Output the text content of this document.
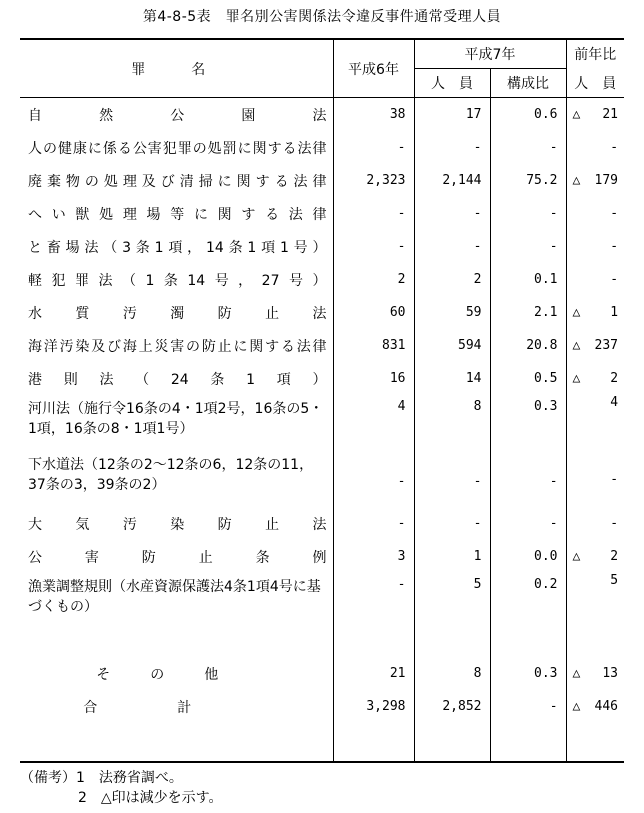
第4-8-5表　罪名別公害関係法令違反事件通常受理人員
罪名	平成6年	平成7年		前年比
		人　員	構成比	人　員
自然公園法	38	17	0.6	△ 21

人の健康に係る公害犯罪の処罰に関する法律	-	-	-	-

廃棄物の処理及び清掃に関する法律	2,323	2,144	75.2	△ 179

へい獣処理場等に関する法律	-	-	-	-

と畜場法（3条1項，14条1項1号）	-	-	-	-

軽犯罪法（1条14号，27号）	2	2	0.1	-

水質汚濁防止法	60	59	2.1	△ 1

海洋汚染及び海上災害の防止に関する法律	831	594	20.8	△ 237

港則法（24条1項）	16	14	0.5	△ 2

河川法（施行令16条の4・1項2号，16条の5・1項，16条の8・1項1号）	4	8	0.3	4

下水道法（12条の2〜12条の6，12条の11，37条の3，39条の2）	-	-	-	-

大気汚染防止法	-	-	-	-

公害防止条例	3	1	0.0	△ 2

漁業調整規則（水産資源保護法4条1項4号に基づくもの）	-	5	0.2	5

その他	21	8	0.3	△ 13

合計	3,298	2,852	-	△ 446

（備考）1　法務省調べ。
2　△印は減少を示す。
